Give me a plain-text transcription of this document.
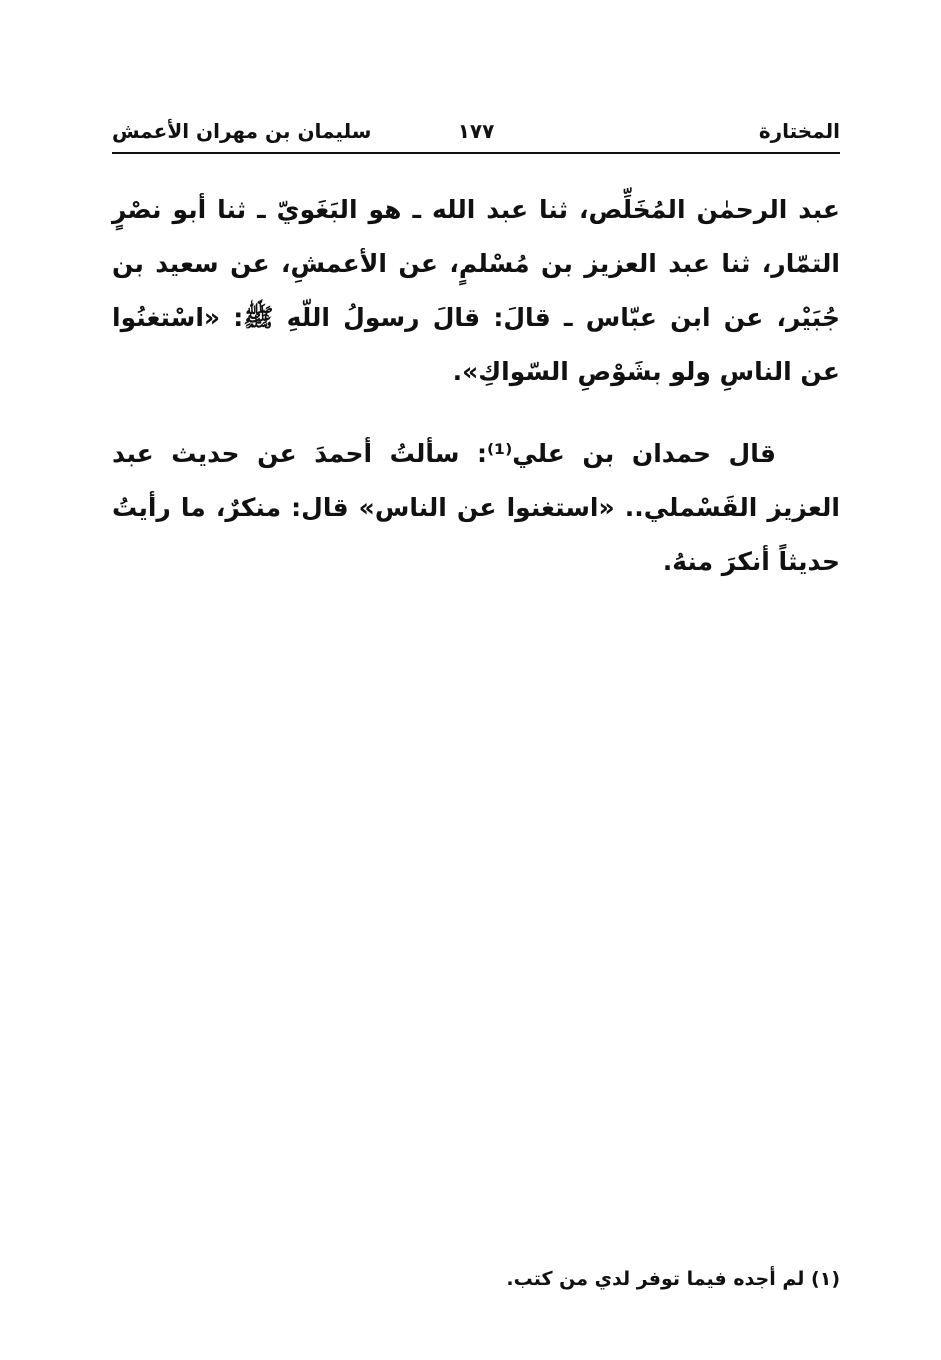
المختارة
١٧٧
سليمان بن مهران الأعمش

عبد الرحمٰن المُخَلِّص، ثنا عبد الله ـ هو البَغَويّ ـ ثنا أبو نصْرٍ التمّار، ثنا عبد العزيز بن مُسْلمٍ، عن الأعمشِ، عن سعيد بن جُبَيْر، عن ابن عبّاس ـ قالَ: قالَ رسولُ اللّهِ ﷺ: «اسْتغنُوا عن الناسِ ولو بشَوْصِ السّواكِ».

قال حمدان بن علي⁽¹⁾: سألتُ أحمدَ عن حديث عبد العزيز القَسْملي.. «استغنوا عن الناس» قال: منكرٌ، ما رأيتُ حديثاً أنكرَ منهُ.

(١) لم أجده فيما توفر لدي من كتب.
